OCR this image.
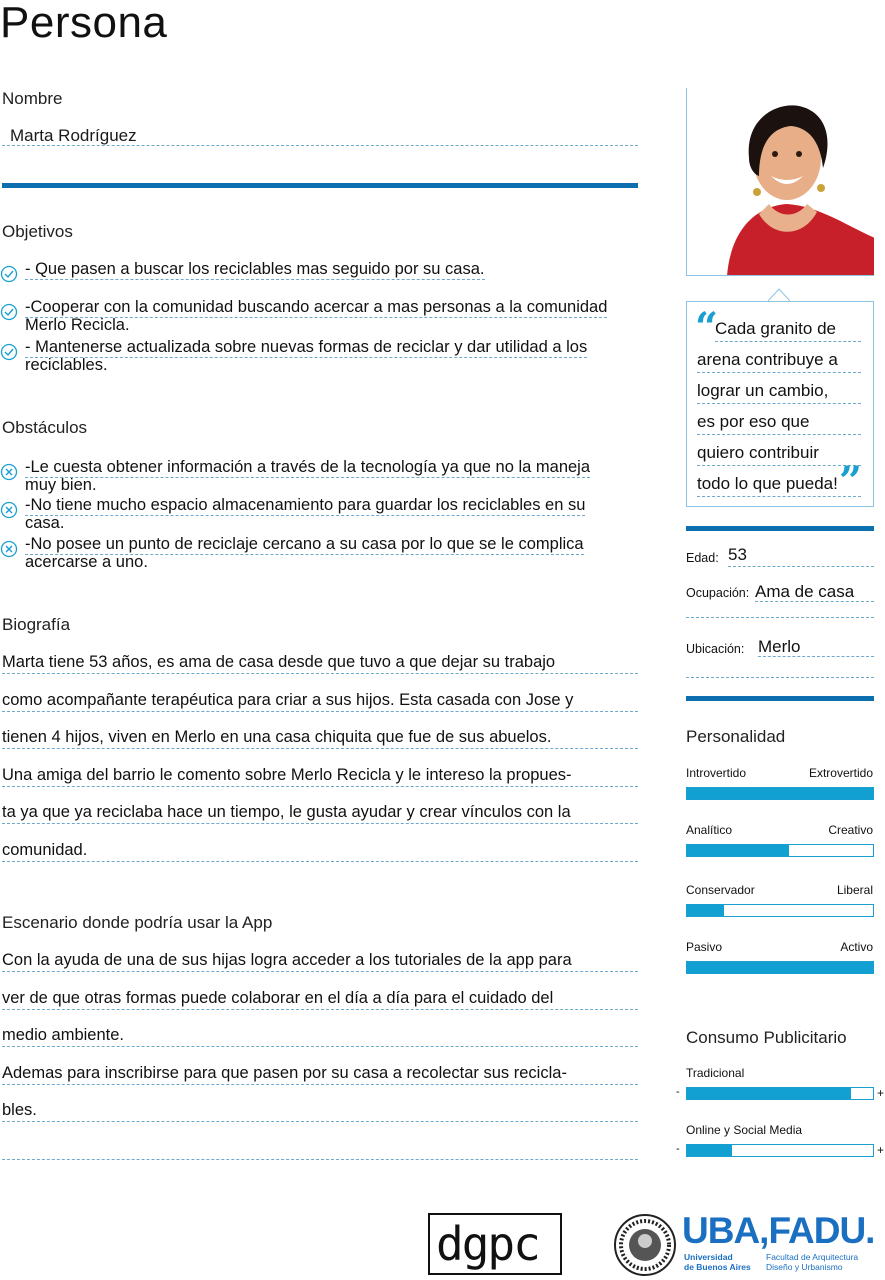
Persona
Nombre
Marta Rodríguez
Objetivos
- Que pasen a buscar los reciclables mas seguido por su casa.
-Cooperar con la comunidad buscando acercar a mas personas a la comunidad
Merlo Recicla.
- Mantenerse actualizada sobre nuevas formas de reciclar y dar utilidad a los
reciclables.
Obstáculos
-Le cuesta obtener información a través de la tecnología ya que no la maneja
muy bien.
-No tiene mucho espacio almacenamiento para guardar los reciclables en su
casa.
-No posee un punto de reciclaje cercano a su casa por lo que se le complica
acercarse a uno.
Biografía
Marta tiene 53 años, es ama de casa desde que tuvo a que dejar su trabajo
como acompañante terapéutica para criar a sus hijos. Esta casada con Jose y
tienen 4 hijos, viven en Merlo en una casa chiquita que fue de sus abuelos.
Una amiga del barrio le comento sobre Merlo Recicla y le intereso la propues-
ta ya que ya reciclaba hace un tiempo, le gusta ayudar y crear vínculos con la
comunidad.
Escenario donde podría usar la App
Con la ayuda de una de sus hijas logra acceder a los tutoriales de la app para
ver de que otras formas puede colaborar en el día a día para el cuidado del
medio ambiente.
Ademas para inscribirse para que pasen por su casa a recolectar sus recicla-
bles.
“
Cada granito de
arena contribuye a
lograr un cambio,
es por eso que
quiero contribuir
todo lo que pueda! ”
Edad: 53
Ocupación: Ama de casa
Ubicación: Merlo
Personalidad
Introvertido	Extrovertido
Analítico	Creativo
Conservador	Liberal
Pasivo	Activo
Consumo Publicitario
Tradicional
-	+
Online y Social Media
-	+
dgpc	UBA,FADU.
Universidad
de Buenos Aires
Facultad de Arquitectura
Diseño y Urbanismo
